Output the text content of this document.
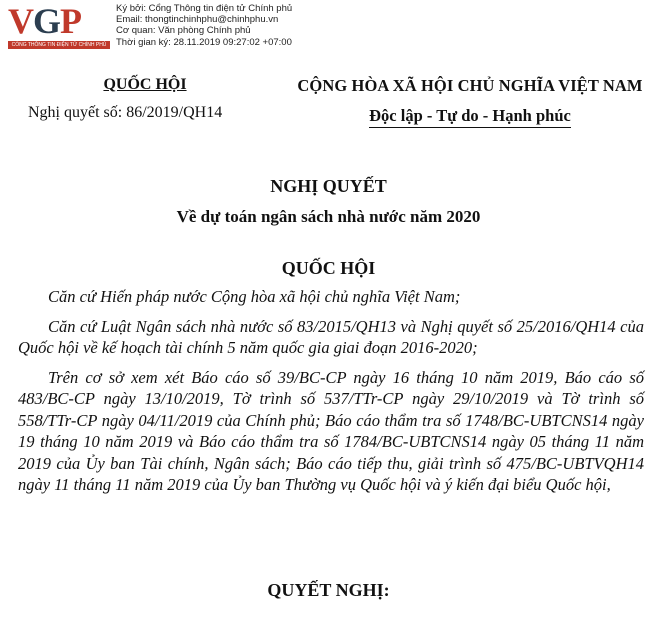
VGP
CỔNG THÔNG TIN ĐIỆN TỬ CHÍNH PHỦ
Ký bởi: Cổng Thông tin điện tử Chính phủ
Email: thongtinchinhphu@chinhphu.vn
Cơ quan: Văn phòng Chính phủ
Thời gian ký: 28.11.2019 09:27:02 +07:00
QUỐC HỘI
Nghị quyết số: 86/2019/QH14
CỘNG HÒA XÃ HỘI CHỦ NGHĨA VIỆT NAM
Độc lập - Tự do - Hạnh phúc
NGHỊ QUYẾT
Về dự toán ngân sách nhà nước năm 2020
QUỐC HỘI

Căn cứ Hiến pháp nước Cộng hòa xã hội chủ nghĩa Việt Nam;

Căn cứ Luật Ngân sách nhà nước số 83/2015/QH13 và Nghị quyết số 25/2016/QH14 của Quốc hội về kế hoạch tài chính 5 năm quốc gia giai đoạn 2016-2020;

Trên cơ sở xem xét Báo cáo số 39/BC-CP ngày 16 tháng 10 năm 2019, Báo cáo số 483/BC-CP ngày 13/10/2019, Tờ trình số 537/TTr-CP ngày 29/10/2019 và Tờ trình số 558/TTr-CP ngày 04/11/2019 của Chính phủ; Báo cáo thẩm tra số 1748/BC-UBTCNS14 ngày 19 tháng 10 năm 2019 và Báo cáo thẩm tra số 1784/BC-UBTCNS14 ngày 05 tháng 11 năm 2019 của Ủy ban Tài chính, Ngân sách; Báo cáo tiếp thu, giải trình số 475/BC-UBTVQH14 ngày 11 tháng 11 năm 2019 của Ủy ban Thường vụ Quốc hội và ý kiến đại biểu Quốc hội,

QUYẾT NGHỊ:
